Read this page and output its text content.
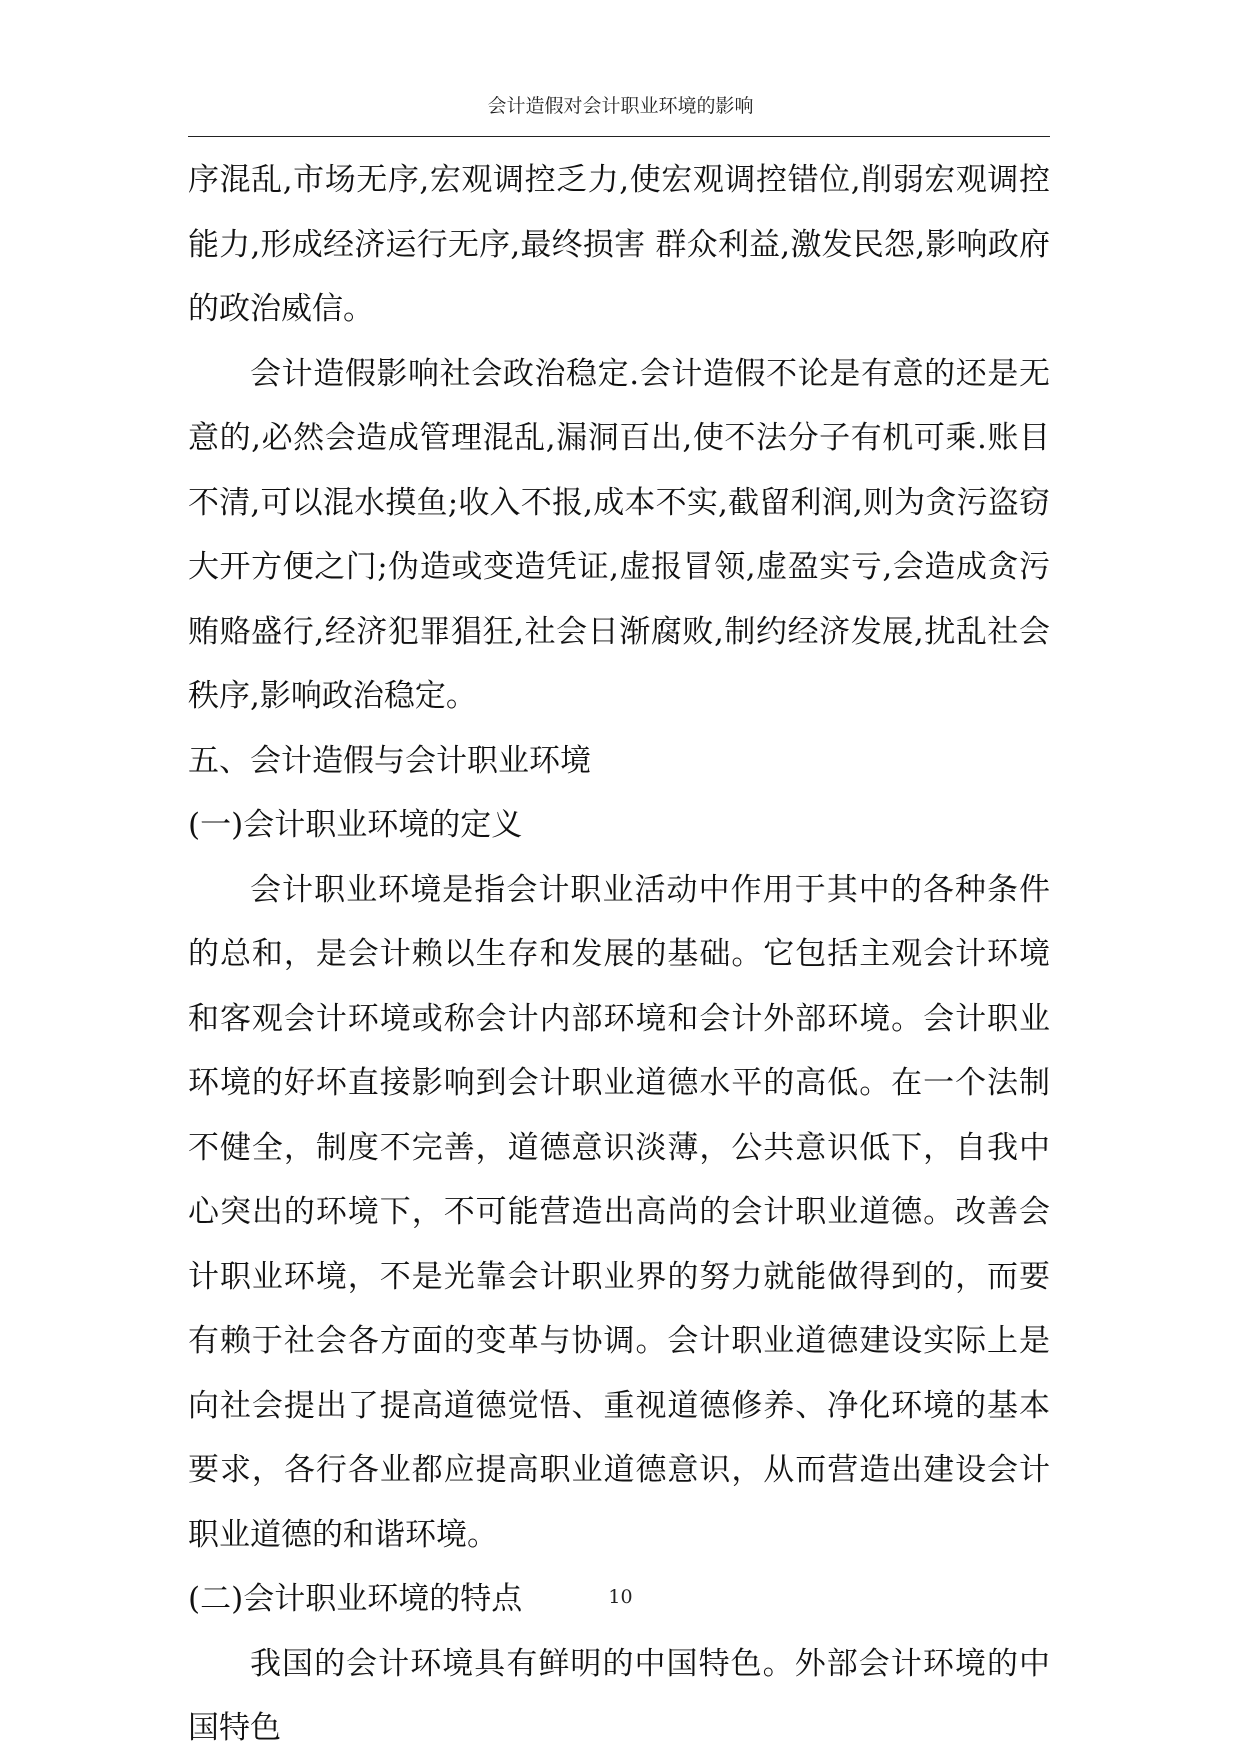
会计造假对会计职业环境的影响

序混乱,市场无序,宏观调控乏力,使宏观调控错位,削弱宏观调控能力,形成经济运行无序,最终损害 群众利益,激发民怨,影响政府的政治威信。

会计造假影响社会政治稳定.会计造假不论是有意的还是无意的,必然会造成管理混乱,漏洞百出,使不法分子有机可乘.账目不清,可以混水摸鱼;收入不报,成本不实,截留利润,则为贪污盗窃大开方便之门;伪造或变造凭证,虚报冒领,虚盈实亏,会造成贪污贿赂盛行,经济犯罪猖狂,社会日渐腐败,制约经济发展,扰乱社会秩序,影响政治稳定。

五、会计造假与会计职业环境

(一)会计职业环境的定义

会计职业环境是指会计职业活动中作用于其中的各种条件的总和，是会计赖以生存和发展的基础。它包括主观会计环境和客观会计环境或称会计内部环境和会计外部环境。会计职业环境的好坏直接影响到会计职业道德水平的高低。在一个法制不健全，制度不完善，道德意识淡薄，公共意识低下，自我中心突出的环境下，不可能营造出高尚的会计职业道德。改善会计职业环境，不是光靠会计职业界的努力就能做得到的，而要有赖于社会各方面的变革与协调。会计职业道德建设实际上是向社会提出了提高道德觉悟、重视道德修养、净化环境的基本要求，各行各业都应提高职业道德意识，从而营造出建设会计职业道德的和谐环境。

(二)会计职业环境的特点

我国的会计环境具有鲜明的中国特色。外部会计环境的中国特色

10
